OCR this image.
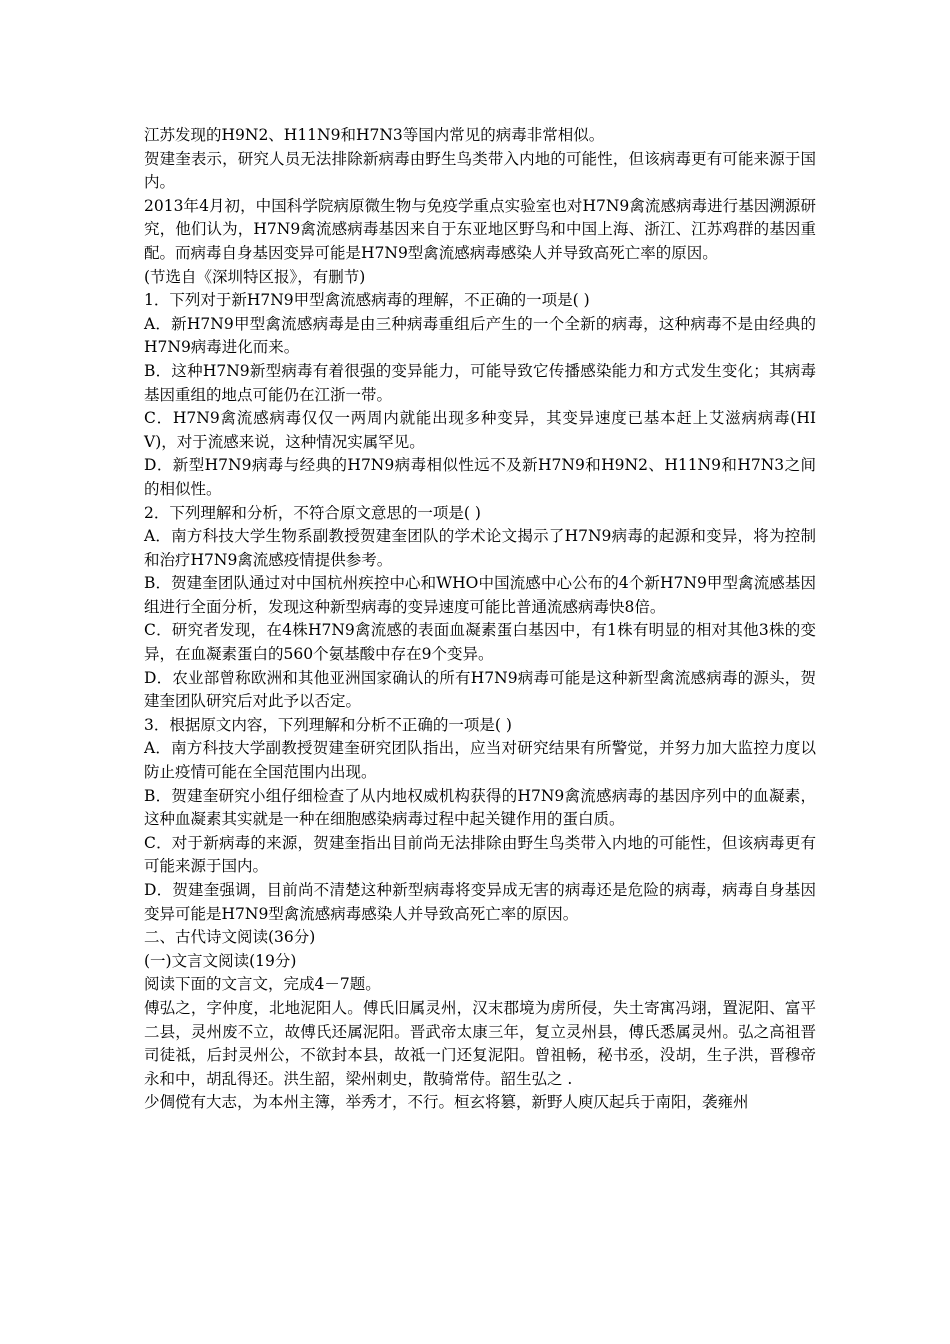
江苏发现的H9N2、H11N9和H7N3等国内常见的病毒非常相似。

贺建奎表示，研究人员无法排除新病毒由野生鸟类带入内地的可能性，但该病毒更有可能来源于国内。

2013年4月初，中国科学院病原微生物与免疫学重点实验室也对H7N9禽流感病毒进行基因溯源研究，他们认为，H7N9禽流感病毒基因来自于东亚地区野鸟和中国上海、浙江、江苏鸡群的基因重配。而病毒自身基因变异可能是H7N9型禽流感病毒感染人并导致高死亡率的原因。

(节选自《深圳特区报》，有删节)

1．下列对于新H7N9甲型禽流感病毒的理解，不正确的一项是( )

A．新H7N9甲型禽流感病毒是由三种病毒重组后产生的一个全新的病毒，这种病毒不是由经典的H7N9病毒进化而来。

B．这种H7N9新型病毒有着很强的变异能力，可能导致它传播感染能力和方式发生变化；其病毒基因重组的地点可能仍在江浙一带。

C．H7N9禽流感病毒仅仅一两周内就能出现多种变异，其变异速度已基本赶上艾滋病病毒(HIV)，对于流感来说，这种情况实属罕见。

D．新型H7N9病毒与经典的H7N9病毒相似性远不及新H7N9和H9N2、H11N9和H7N3之间的相似性。

2．下列理解和分析，不符合原文意思的一项是( )

A．南方科技大学生物系副教授贺建奎团队的学术论文揭示了H7N9病毒的起源和变异，将为控制和治疗H7N9禽流感疫情提供参考。

B．贺建奎团队通过对中国杭州疾控中心和WHO中国流感中心公布的4个新H7N9甲型禽流感基因组进行全面分析，发现这种新型病毒的变异速度可能比普通流感病毒快8倍。

C．研究者发现，在4株H7N9禽流感的表面血凝素蛋白基因中，有1株有明显的相对其他3株的变异，在血凝素蛋白的560个氨基酸中存在9个变异。

D．农业部曾称欧洲和其他亚洲国家确认的所有H7N9病毒可能是这种新型禽流感病毒的源头，贺建奎团队研究后对此予以否定。

3．根据原文内容，下列理解和分析不正确的一项是( )

A．南方科技大学副教授贺建奎研究团队指出，应当对研究结果有所警觉，并努力加大监控力度以防止疫情可能在全国范围内出现。

B．贺建奎研究小组仔细检查了从内地权威机构获得的H7N9禽流感病毒的基因序列中的血凝素，这种血凝素其实就是一种在细胞感染病毒过程中起关键作用的蛋白质。

C．对于新病毒的来源，贺建奎指出目前尚无法排除由野生鸟类带入内地的可能性，但该病毒更有可能来源于国内。

D．贺建奎强调，目前尚不清楚这种新型病毒将变异成无害的病毒还是危险的病毒，病毒自身基因变异可能是H7N9型禽流感病毒感染人并导致高死亡率的原因。

二、古代诗文阅读(36分)

(一)文言文阅读(19分)

阅读下面的文言文，完成4－7题。

傅弘之，字仲度，北地泥阳人。傅氏旧属灵州，汉末郡境为虏所侵，失土寄寓冯翊，置泥阳、富平二县，灵州废不立，故傅氏还属泥阳。晋武帝太康三年，复立灵州县，傅氏悉属灵州。弘之高祖晋司徒祗，后封灵州公，不欲封本县，故祗一门还复泥阳。曾祖畅，秘书丞，没胡，生子洪，晋穆帝永和中，胡乱得还。洪生韶，梁州刺史，散骑常侍。韶生弘之 .

少倜傥有大志，为本州主簿，举秀才，不行。桓玄将篡，新野人庾仄起兵于南阳，袭雍州
